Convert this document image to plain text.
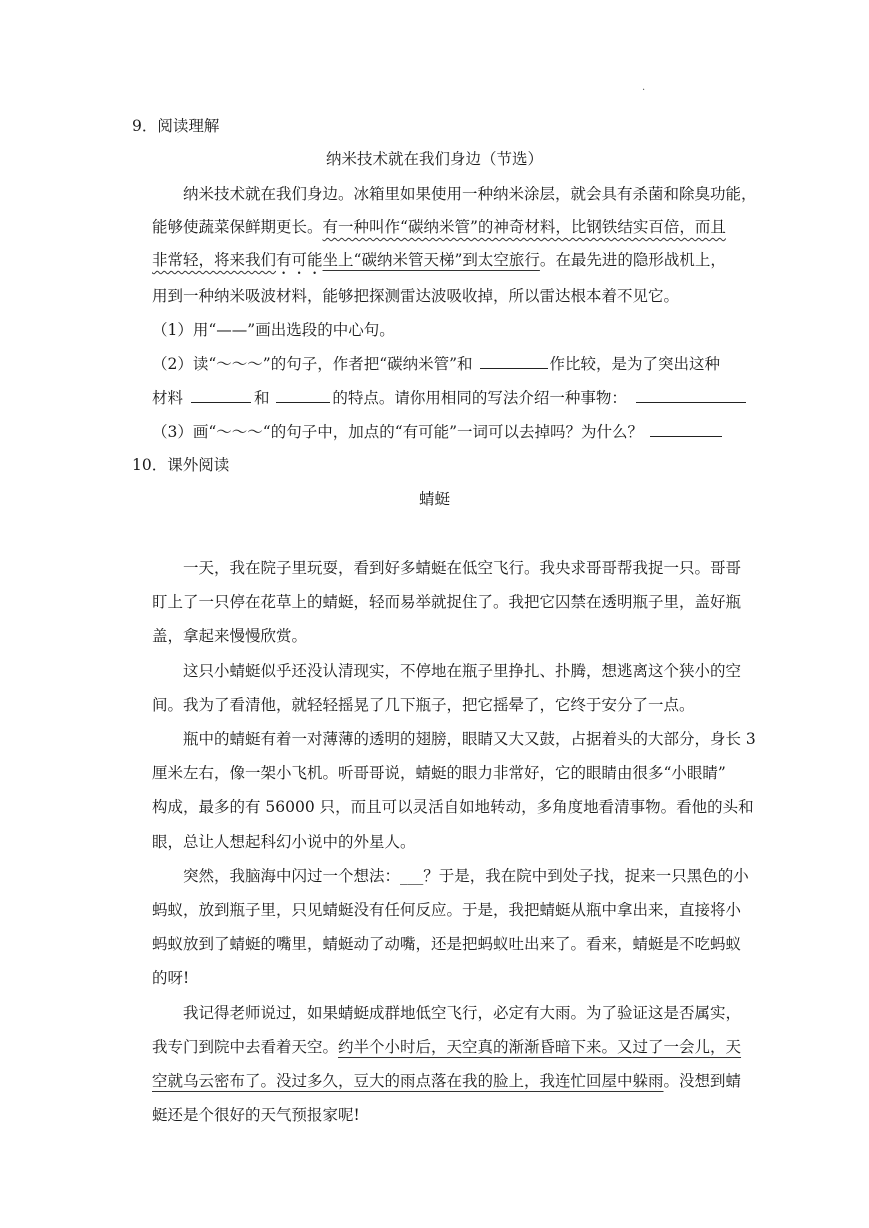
.
9．阅读理解
纳米技术就在我们身边（节选）
纳米技术就在我们身边。冰箱里如果使用一种纳米涂层，就会具有杀菌和除臭功能，
能够使蔬菜保鲜期更长。有一种叫作“碳纳米管”的神奇材料，比钢铁结实百倍，而且
非常轻，将来我们有可能坐上“碳纳米管天梯”到太空旅行。在最先进的隐形战机上，
用到一种纳米吸波材料，能够把探测雷达波吸收掉，所以雷达根本着不见它。
（1）用“——”画出选段的中心句。
（2）读“～～～”的句子，作者把“碳纳米管”和	作比较，是为了突出这种
材料	和	的特点。请你用相同的写法介绍一种事物：
（3）画“～～～“的句子中，加点的“有可能”一词可以去掉吗？为什么？
10．课外阅读
蜻蜓
一天，我在院子里玩耍，看到好多蜻蜓在低空飞行。我央求哥哥帮我捉一只。哥哥
盯上了一只停在花草上的蜻蜓，轻而易举就捉住了。我把它囚禁在透明瓶子里，盖好瓶
盖，拿起来慢慢欣赏。
这只小蜻蜓似乎还没认清现实，不停地在瓶子里挣扎、扑腾，想逃离这个狭小的空
间。我为了看清他，就轻轻摇晃了几下瓶子，把它摇晕了，它终于安分了一点。
瓶中的蜻蜓有着一对薄薄的透明的翅膀，眼睛又大又鼓，占据着头的大部分，身长 3
厘米左右，像一架小飞机。听哥哥说，蜻蜓的眼力非常好，它的眼睛由很多“小眼睛”
构成，最多的有 56000 只，而且可以灵活自如地转动，多角度地看清事物。看他的头和
眼，总让人想起科幻小说中的外星人。
突然，我脑海中闪过一个想法：___？于是，我在院中到处子找，捉来一只黑色的小
蚂蚁，放到瓶子里，只见蜻蜓没有任何反应。于是，我把蜻蜓从瓶中拿出来，直接将小
蚂蚁放到了蜻蜓的嘴里，蜻蜓动了动嘴，还是把蚂蚁吐出来了。看来，蜻蜓是不吃蚂蚁
的呀!
我记得老师说过，如果蜻蜓成群地低空飞行，必定有大雨。为了验证这是否属实，
我专门到院中去看着天空。约半个小时后，天空真的渐渐昏暗下来。又过了一会儿，天
空就乌云密布了。没过多久，豆大的雨点落在我的脸上，我连忙回屋中躲雨。没想到蜻
蜓还是个很好的天气预报家呢!
